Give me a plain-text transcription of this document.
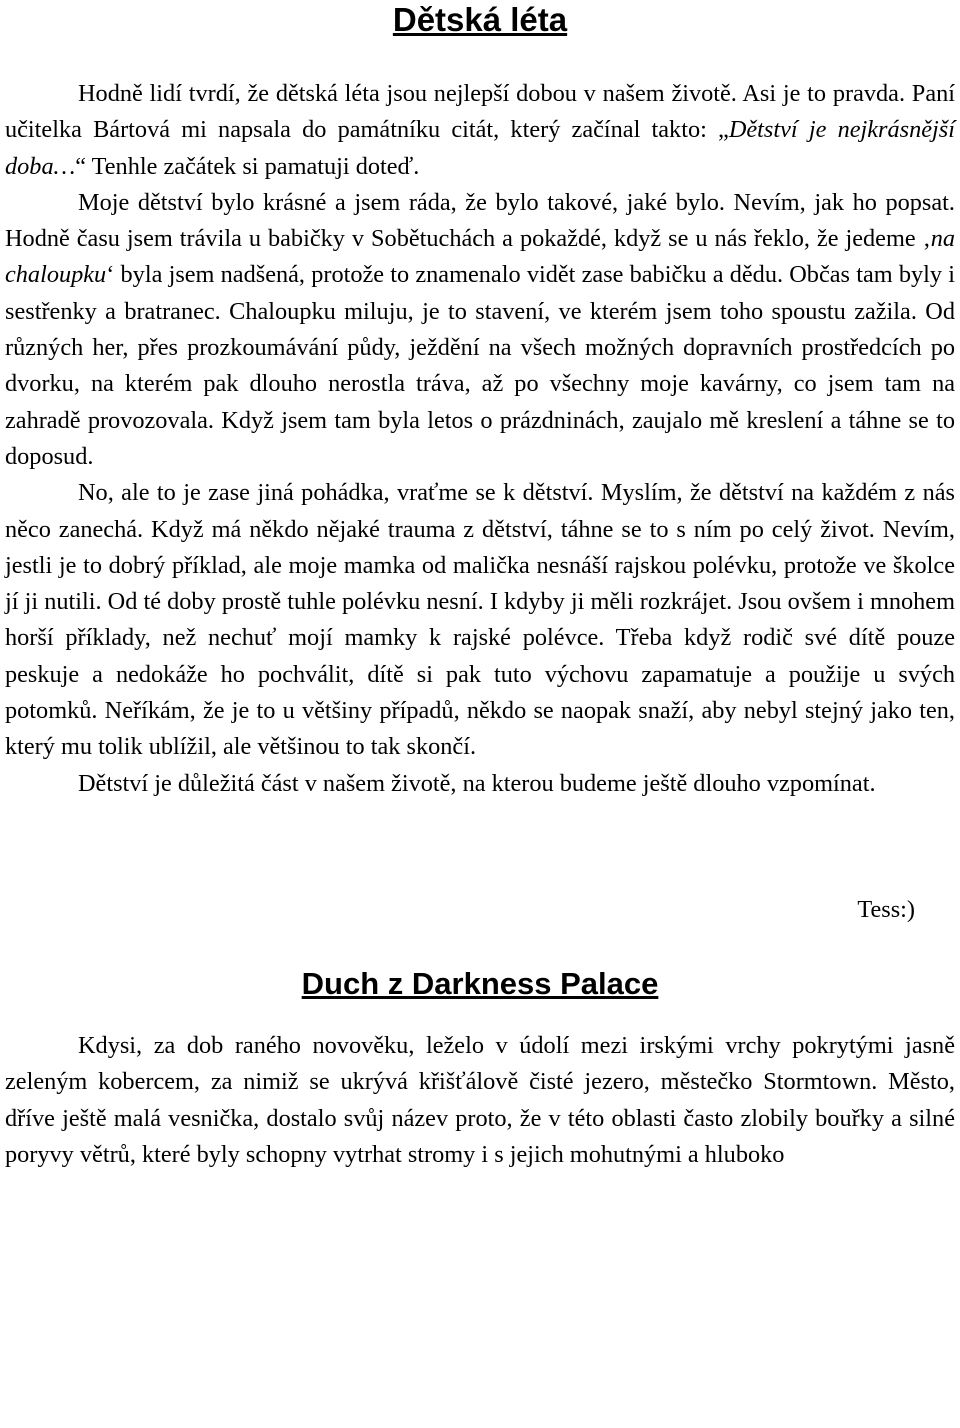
Dětská léta

Hodně lidí tvrdí, že dětská léta jsou nejlepší dobou v našem životě. Asi je to pravda. Paní učitelka Bártová mi napsala do památníku citát, který začínal takto: „Dětství je nejkrásnější doba…“ Tenhle začátek si pamatuji doteď.

Moje dětství bylo krásné a jsem ráda, že bylo takové, jaké bylo. Nevím, jak ho popsat. Hodně času jsem trávila u babičky v Sobětuchách a pokaždé, když se u nás řeklo, že jedeme ‚na chaloupku‘ byla jsem nadšená, protože to znamenalo vidět zase babičku a dědu. Občas tam byly i sestřenky a bratranec. Chaloupku miluju, je to stavení, ve kterém jsem toho spoustu zažila. Od různých her, přes prozkoumávání půdy, ježdění na všech možných dopravních prostředcích po dvorku, na kterém pak dlouho nerostla tráva, až po všechny moje kavárny, co jsem tam na zahradě provozovala. Když jsem tam byla letos o prázdninách, zaujalo mě kreslení a táhne se to doposud.

No, ale to je zase jiná pohádka, vraťme se k dětství. Myslím, že dětství na každém z nás něco zanechá. Když má někdo nějaké trauma z dětství, táhne se to s ním po celý život. Nevím, jestli je to dobrý příklad, ale moje mamka od malička nesnáší rajskou polévku, protože ve školce jí ji nutili. Od té doby prostě tuhle polévku nesní. I kdyby ji měli rozkrájet. Jsou ovšem i mnohem horší příklady, než nechuť mojí mamky k rajské polévce. Třeba když rodič své dítě pouze peskuje a nedokáže ho pochválit, dítě si pak tuto výchovu zapamatuje a použije u svých potomků. Neříkám, že je to u většiny případů, někdo se naopak snaží, aby nebyl stejný jako ten, který mu tolik ublížil, ale většinou to tak skončí.

Dětství je důležitá část v našem životě, na kterou budeme ještě dlouho vzpomínat.

Tess:)
Duch z Darkness Palace

Kdysi, za dob raného novověku, leželo v údolí mezi irskými vrchy pokrytými jasně zeleným kobercem, za nimiž se ukrývá křišťálově čisté jezero, městečko Stormtown. Město, dříve ještě malá vesnička, dostalo svůj název proto, že v této oblasti často zlobily bouřky a silné poryvy větrů, které byly schopny vytrhat stromy i s jejich mohutnými a hluboko
